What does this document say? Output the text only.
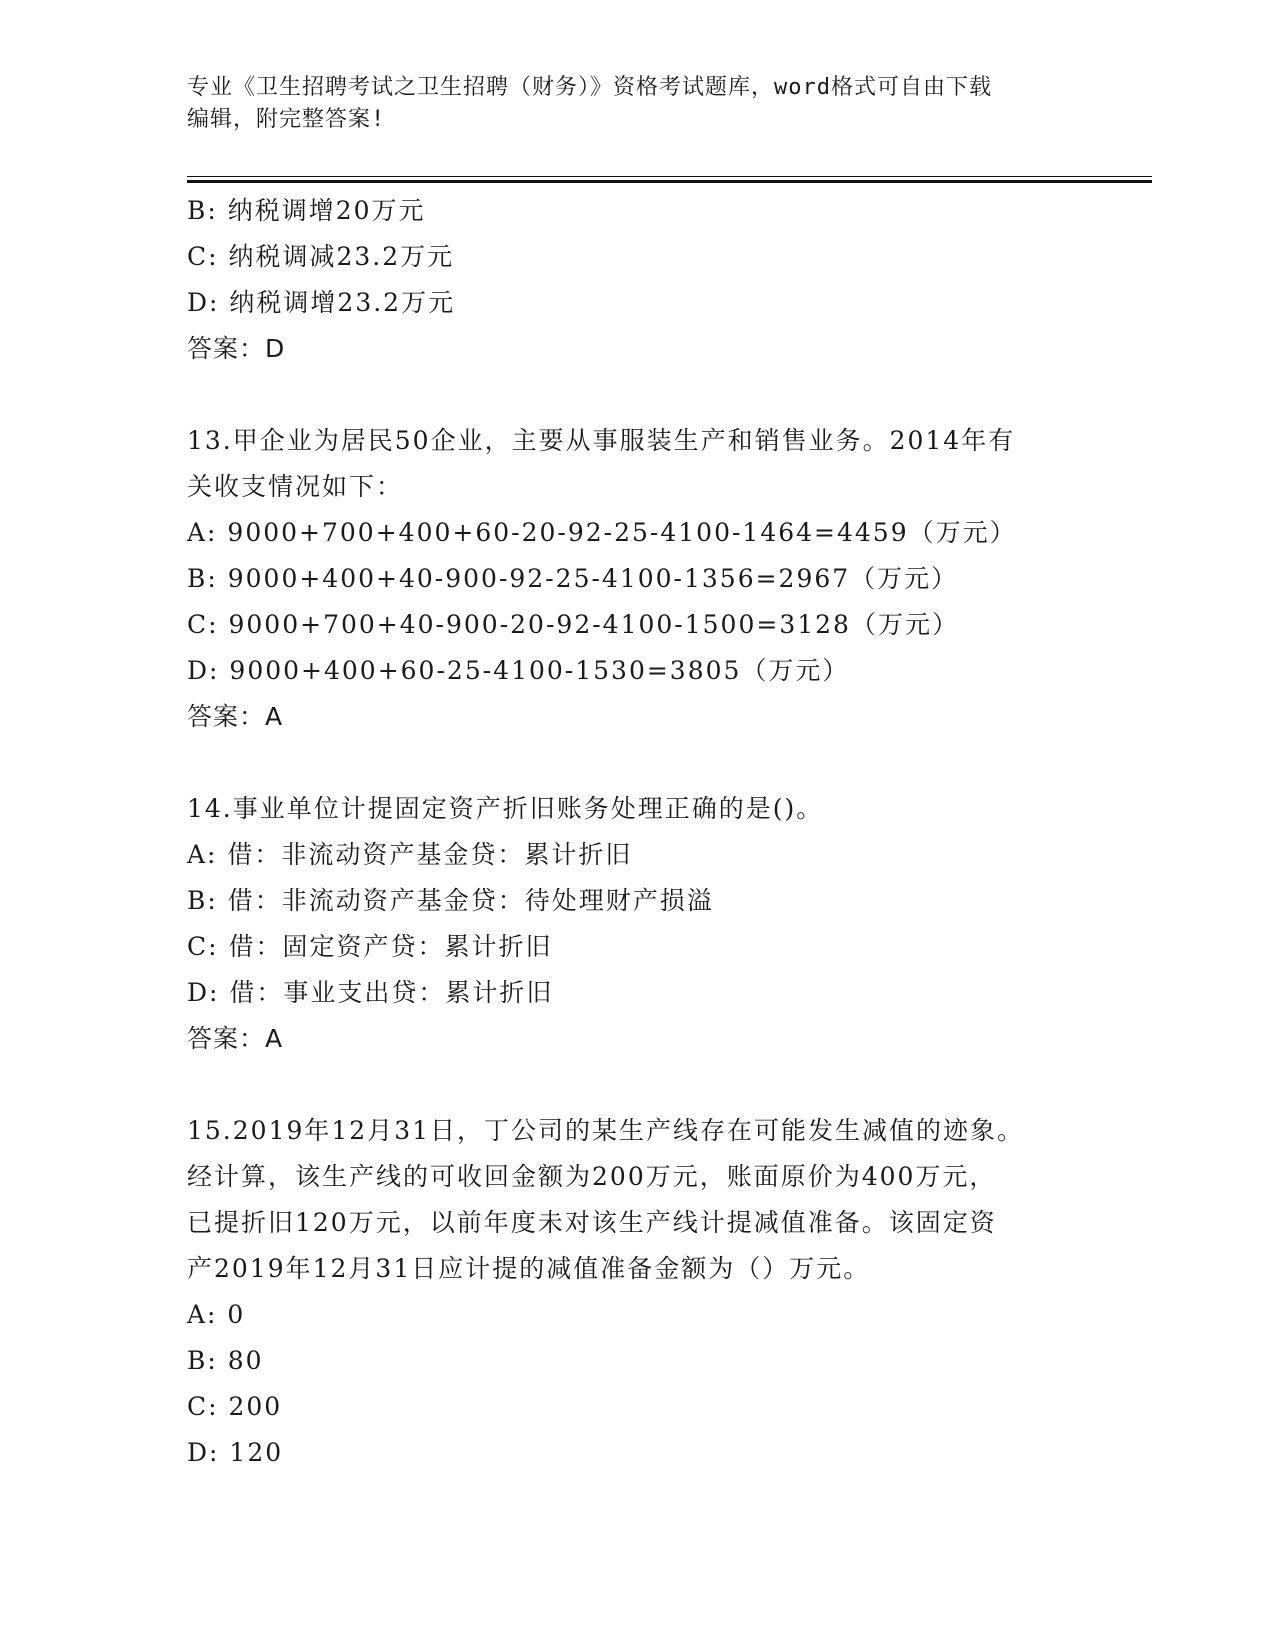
专业《卫生招聘考试之卫生招聘（财务）》资格考试题库，word格式可自由下载
编辑，附完整答案!
B: 纳税调增20万元
C: 纳税调减23.2万元
D: 纳税调增23.2万元
答案：D
13.甲企业为居民50企业，主要从事服装生产和销售业务。2014年有
关收支情况如下：
A: 9000+700+400+60-20-92-25-4100-1464=4459（万元）
B: 9000+400+40-900-92-25-4100-1356=2967（万元）
C: 9000+700+40-900-20-92-4100-1500=3128（万元）
D: 9000+400+60-25-4100-1530=3805（万元）
答案：A
14.事业单位计提固定资产折旧账务处理正确的是()。
A: 借：非流动资产基金贷：累计折旧
B: 借：非流动资产基金贷：待处理财产损溢
C: 借：固定资产贷：累计折旧
D: 借：事业支出贷：累计折旧
答案：A
15.2019年12月31日，丁公司的某生产线存在可能发生减值的迹象。
经计算，该生产线的可收回金额为200万元，账面原价为400万元，
已提折旧120万元，以前年度未对该生产线计提减值准备。该固定资
产2019年12月31日应计提的减值准备金额为（）万元。
A: 0
B: 80
C: 200
D: 120
